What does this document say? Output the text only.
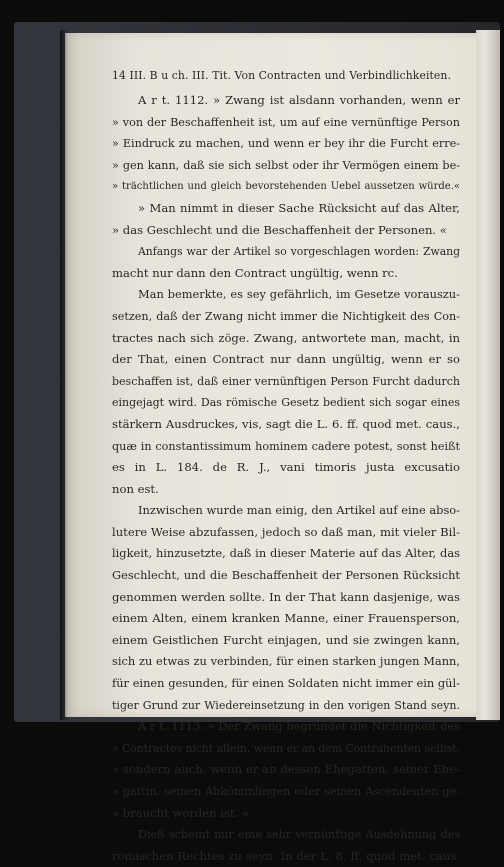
14 III. B u ch. III. Tit. Von Contracten und Verbindlichkeiten.
A r t. 1112. » Zwang ist alsdann vorhanden, wenn er
» von der Beschaffenheit ist, um auf eine vernünftige Person
» Eindruck zu machen, und wenn er bey ihr die Furcht erre-
» gen kann, daß sie sich selbst oder ihr Vermögen einem be-
» trächtlichen und gleich bevorstehenden Uebel aussetzen würde.«
» Man nimmt in dieser Sache Rücksicht auf das Alter,
» das Geschlecht und die Beschaffenheit der Personen. «
Anfangs war der Artikel so vorgeschlagen worden: Zwang
macht nur dann den Contract ungültig, wenn rc.
Man bemerkte, es sey gefährlich, im Gesetze vorauszu-
setzen, daß der Zwang nicht immer die Nichtigkeit des Con-
tractes nach sich zöge. Zwang, antwortete man, macht, in
der That, einen Contract nur dann ungültig, wenn er so
beschaffen ist, daß einer vernünftigen Person Furcht dadurch
eingejagt wird. Das römische Gesetz bedient sich sogar eines
stärkern Ausdruckes, vis, sagt die L. 6. ff. quod met. caus.,
quæ in constantissimum hominem cadere potest, sonst heißt
es in L. 184. de R. J., vani timoris justa excusatio
non est.
Inzwischen wurde man einig, den Artikel auf eine abso-
lutere Weise abzufassen, jedoch so daß man, mit vieler Bil-
ligkeit, hinzusetzte, daß in dieser Materie auf das Alter, das
Geschlecht, und die Beschaffenheit der Personen Rücksicht
genommen werden sollte. In der That kann dasjenige, was
einem Alten, einem kranken Manne, einer Frauensperson,
einem Geistlichen Furcht einjagen, und sie zwingen kann,
sich zu etwas zu verbinden, für einen starken jungen Mann,
für einen gesunden, für einen Soldaten nicht immer ein gül-
tiger Grund zur Wiedereinsetzung in den vorigen Stand seyn.
A r t. 1113. » Der Zwang begründet die Nichtigkeit des
» Contractes nicht allein, wenn er an dem Contrahenten selbst,
» sondern auch, wenn er an dessen Ehegatten, seiner Ehe-
» gattin, seinen Abkömmlingen oder seinen Ascendenten ge-
» braucht worden ist. «
Dieß scheint mir eine sehr vernünftige Ausdehnung des
römischen Rechtes zu seyn. In der L. 8. ff. quod met. caus.
